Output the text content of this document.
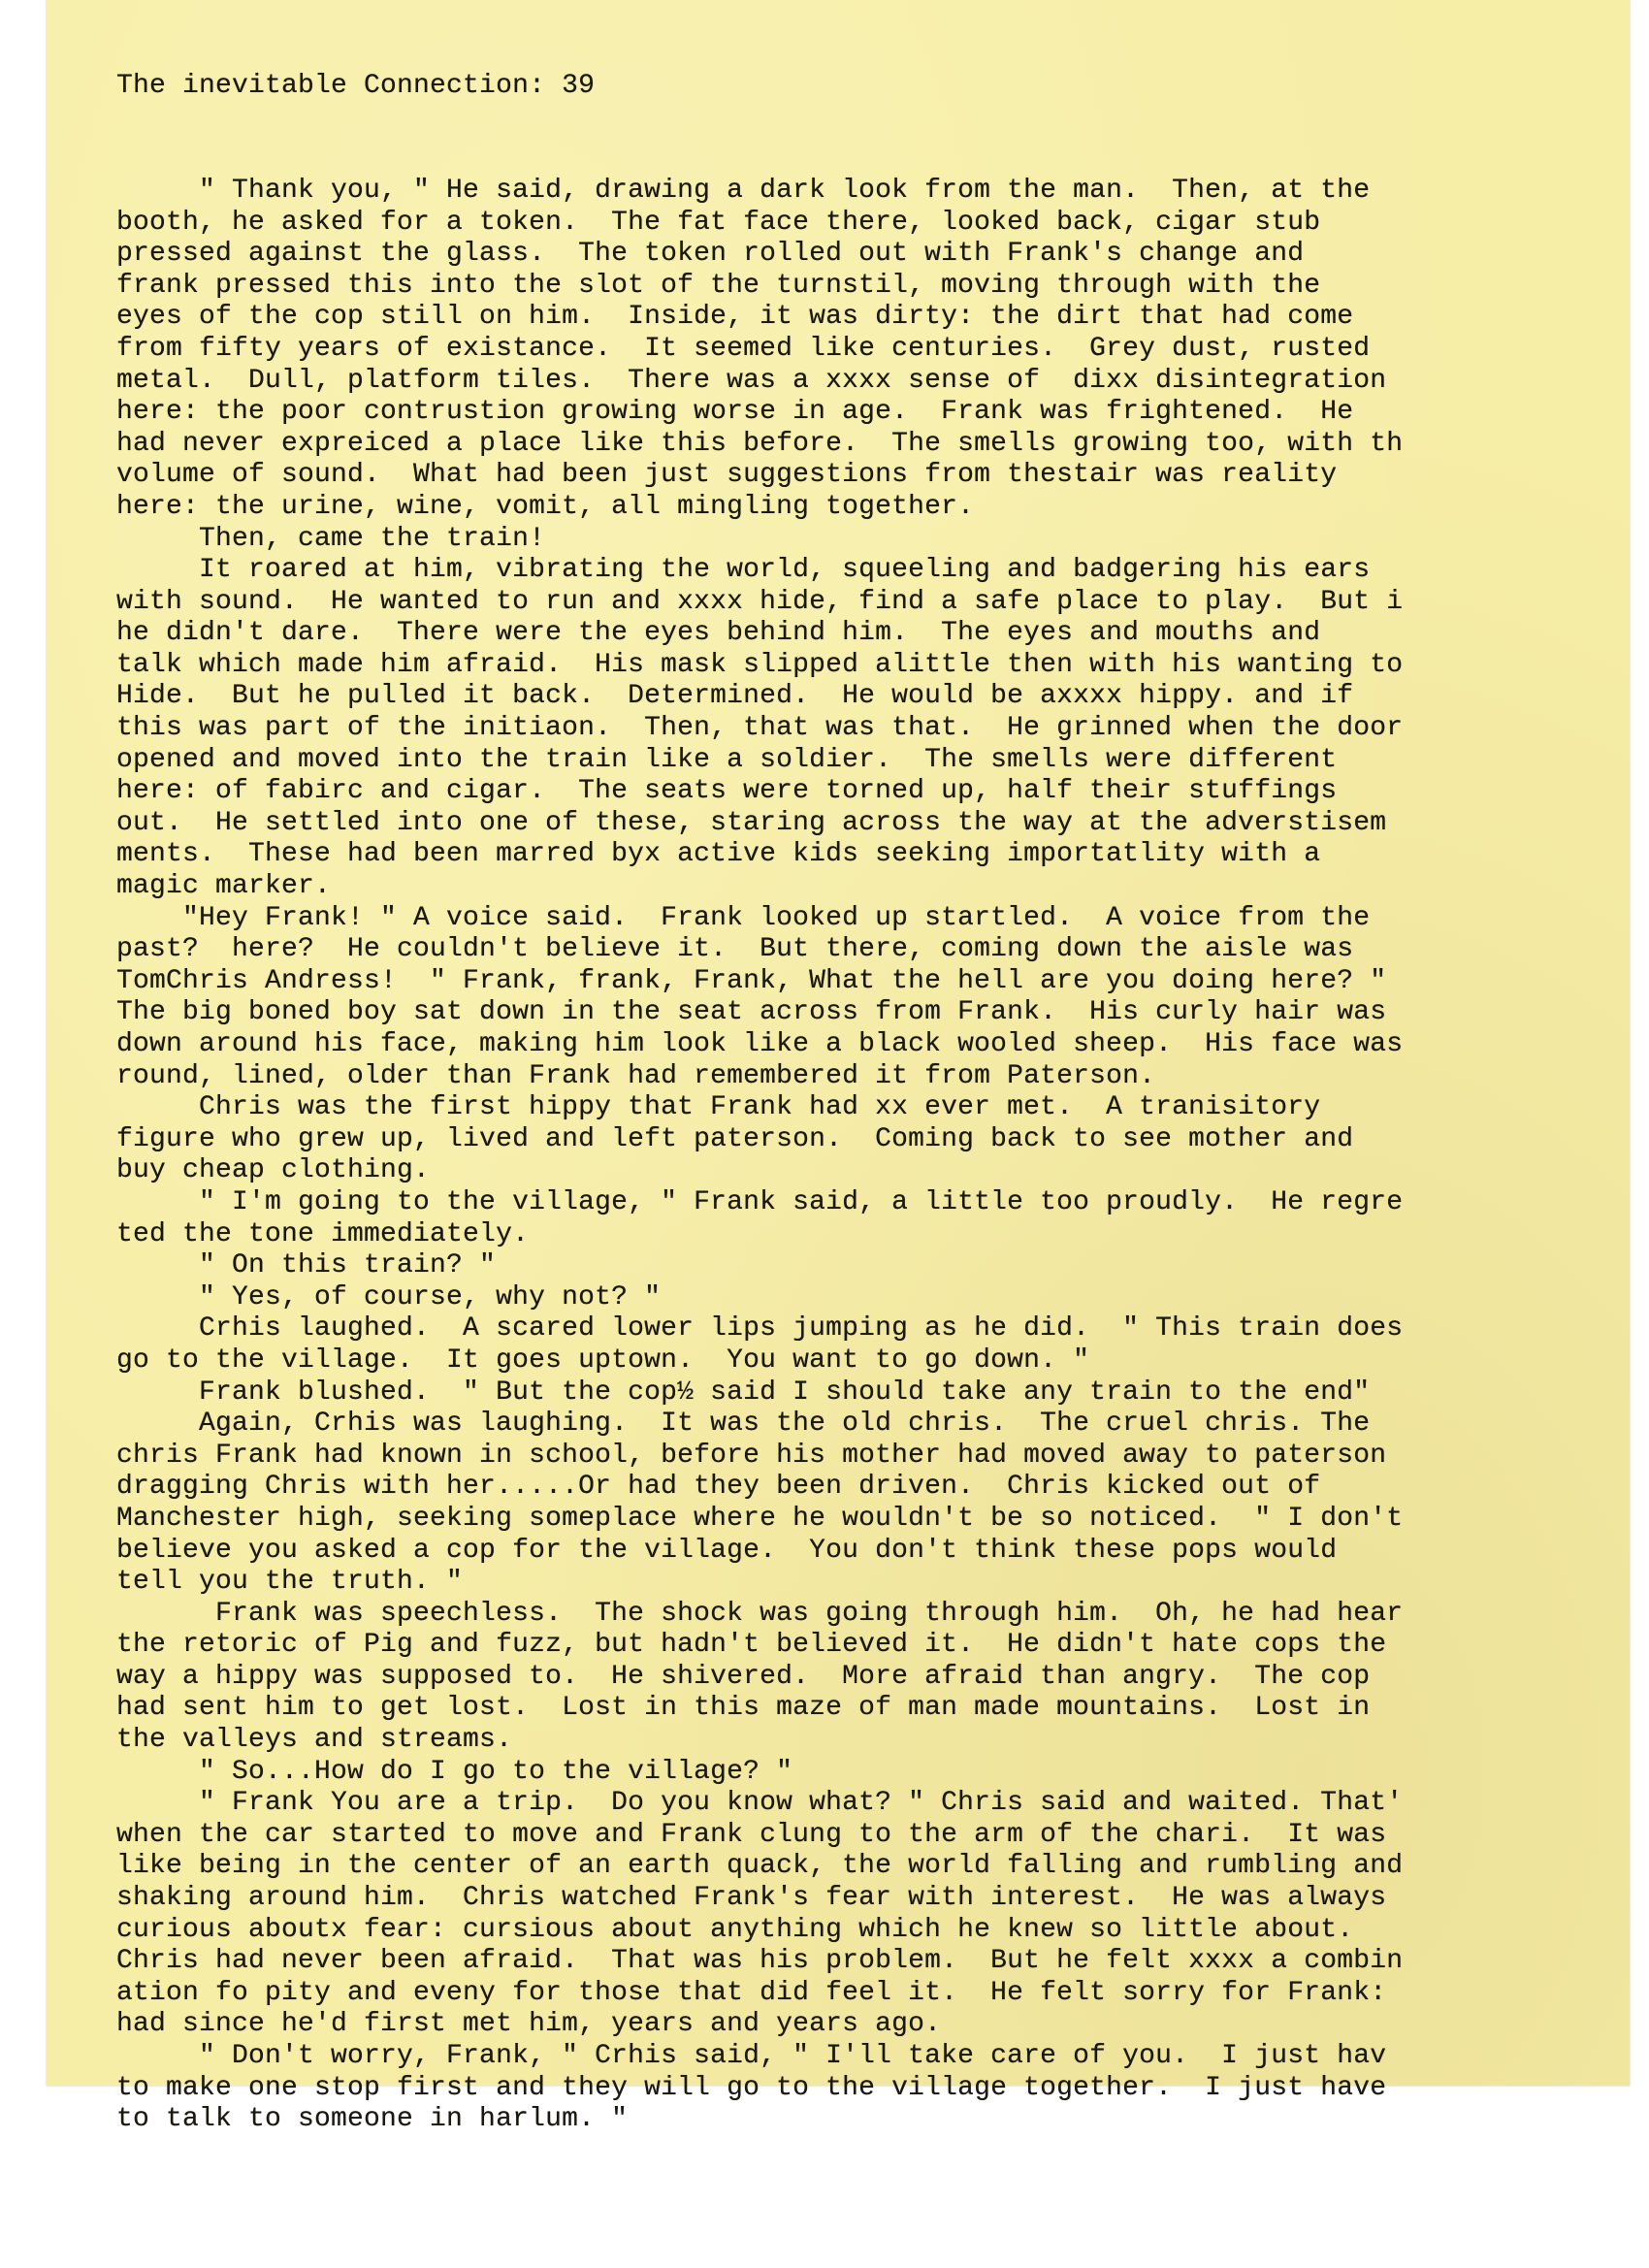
The inevitable Connection: 39

" Thank you, " He said, drawing a dark look from the man.  Then, at the
booth, he asked for a token.  The fat face there, looked back, cigar stub
pressed against the glass.  The token rolled out with Frank's change and
frank pressed this into the slot of the turnstil, moving through with the
eyes of the cop still on him.  Inside, it was dirty: the dirt that had come
from fifty years of existance.  It seemed like centuries.  Grey dust, rusted
metal.  Dull, platform tiles.  There was a xxxx sense of  dixx disintegration
here: the poor contrustion growing worse in age.  Frank was frightened.  He
had never expreiced a place like this before.  The smells growing too, with th
volume of sound.  What had been just suggestions from thestair was reality
here: the urine, wine, vomit, all mingling together.
Then, came the train!
It roared at him, vibrating the world, squeeling and badgering his ears
with sound.  He wanted to run and xxxx hide, find a safe place to play.  But i
he didn't dare.  There were the eyes behind him.  The eyes and mouths and
talk which made him afraid.  His mask slipped alittle then with his wanting to
Hide.  But he pulled it back.  Determined.  He would be axxxx hippy. and if
this was part of the initiaon.  Then, that was that.  He grinned when the door
opened and moved into the train like a soldier.  The smells were different
here: of fabirc and cigar.  The seats were torned up, half their stuffings
out.  He settled into one of these, staring across the way at the adverstisem
ments.  These had been marred byx active kids seeking importatlity with a
magic marker.
"Hey Frank! " A voice said.  Frank looked up startled.  A voice from the
past?  here?  He couldn't believe it.  But there, coming down the aisle was
TomChris Andress!  " Frank, frank, Frank, What the hell are you doing here? "
The big boned boy sat down in the seat across from Frank.  His curly hair was
down around his face, making him look like a black wooled sheep.  His face was
round, lined, older than Frank had remembered it from Paterson.
Chris was the first hippy that Frank had xx ever met.  A tranisitory
figure who grew up, lived and left paterson.  Coming back to see mother and
buy cheap clothing.
" I'm going to the village, " Frank said, a little too proudly.  He regre
ted the tone immediately.
" On this train? "
" Yes, of course, why not? "
Crhis laughed.  A scared lower lips jumping as he did.  " This train does
go to the village.  It goes uptown.  You want to go down. "
Frank blushed.  " But the cop½ said I should take any train to the end"
Again, Crhis was laughing.  It was the old chris.  The cruel chris. The
chris Frank had known in school, before his mother had moved away to paterson
dragging Chris with her.....Or had they been driven.  Chris kicked out of
Manchester high, seeking someplace where he wouldn't be so noticed.  " I don't
believe you asked a cop for the village.  You don't think these pops would
tell you the truth. "
Frank was speechless.  The shock was going through him.  Oh, he had hear
the retoric of Pig and fuzz, but hadn't believed it.  He didn't hate cops the
way a hippy was supposed to.  He shivered.  More afraid than angry.  The cop
had sent him to get lost.  Lost in this maze of man made mountains.  Lost in
the valleys and streams.
" So...How do I go to the village? "
" Frank You are a trip.  Do you know what? " Chris said and waited. That'
when the car started to move and Frank clung to the arm of the chari.  It was
like being in the center of an earth quack, the world falling and rumbling and
shaking around him.  Chris watched Frank's fear with interest.  He was always
curious aboutx fear: cursious about anything which he knew so little about.
Chris had never been afraid.  That was his problem.  But he felt xxxx a combin
ation fo pity and eveny for those that did feel it.  He felt sorry for Frank:
had since he'd first met him, years and years ago.
" Don't worry, Frank, " Crhis said, " I'll take care of you.  I just hav
to make one stop first and they will go to the village together.  I just have
to talk to someone in harlum. "
